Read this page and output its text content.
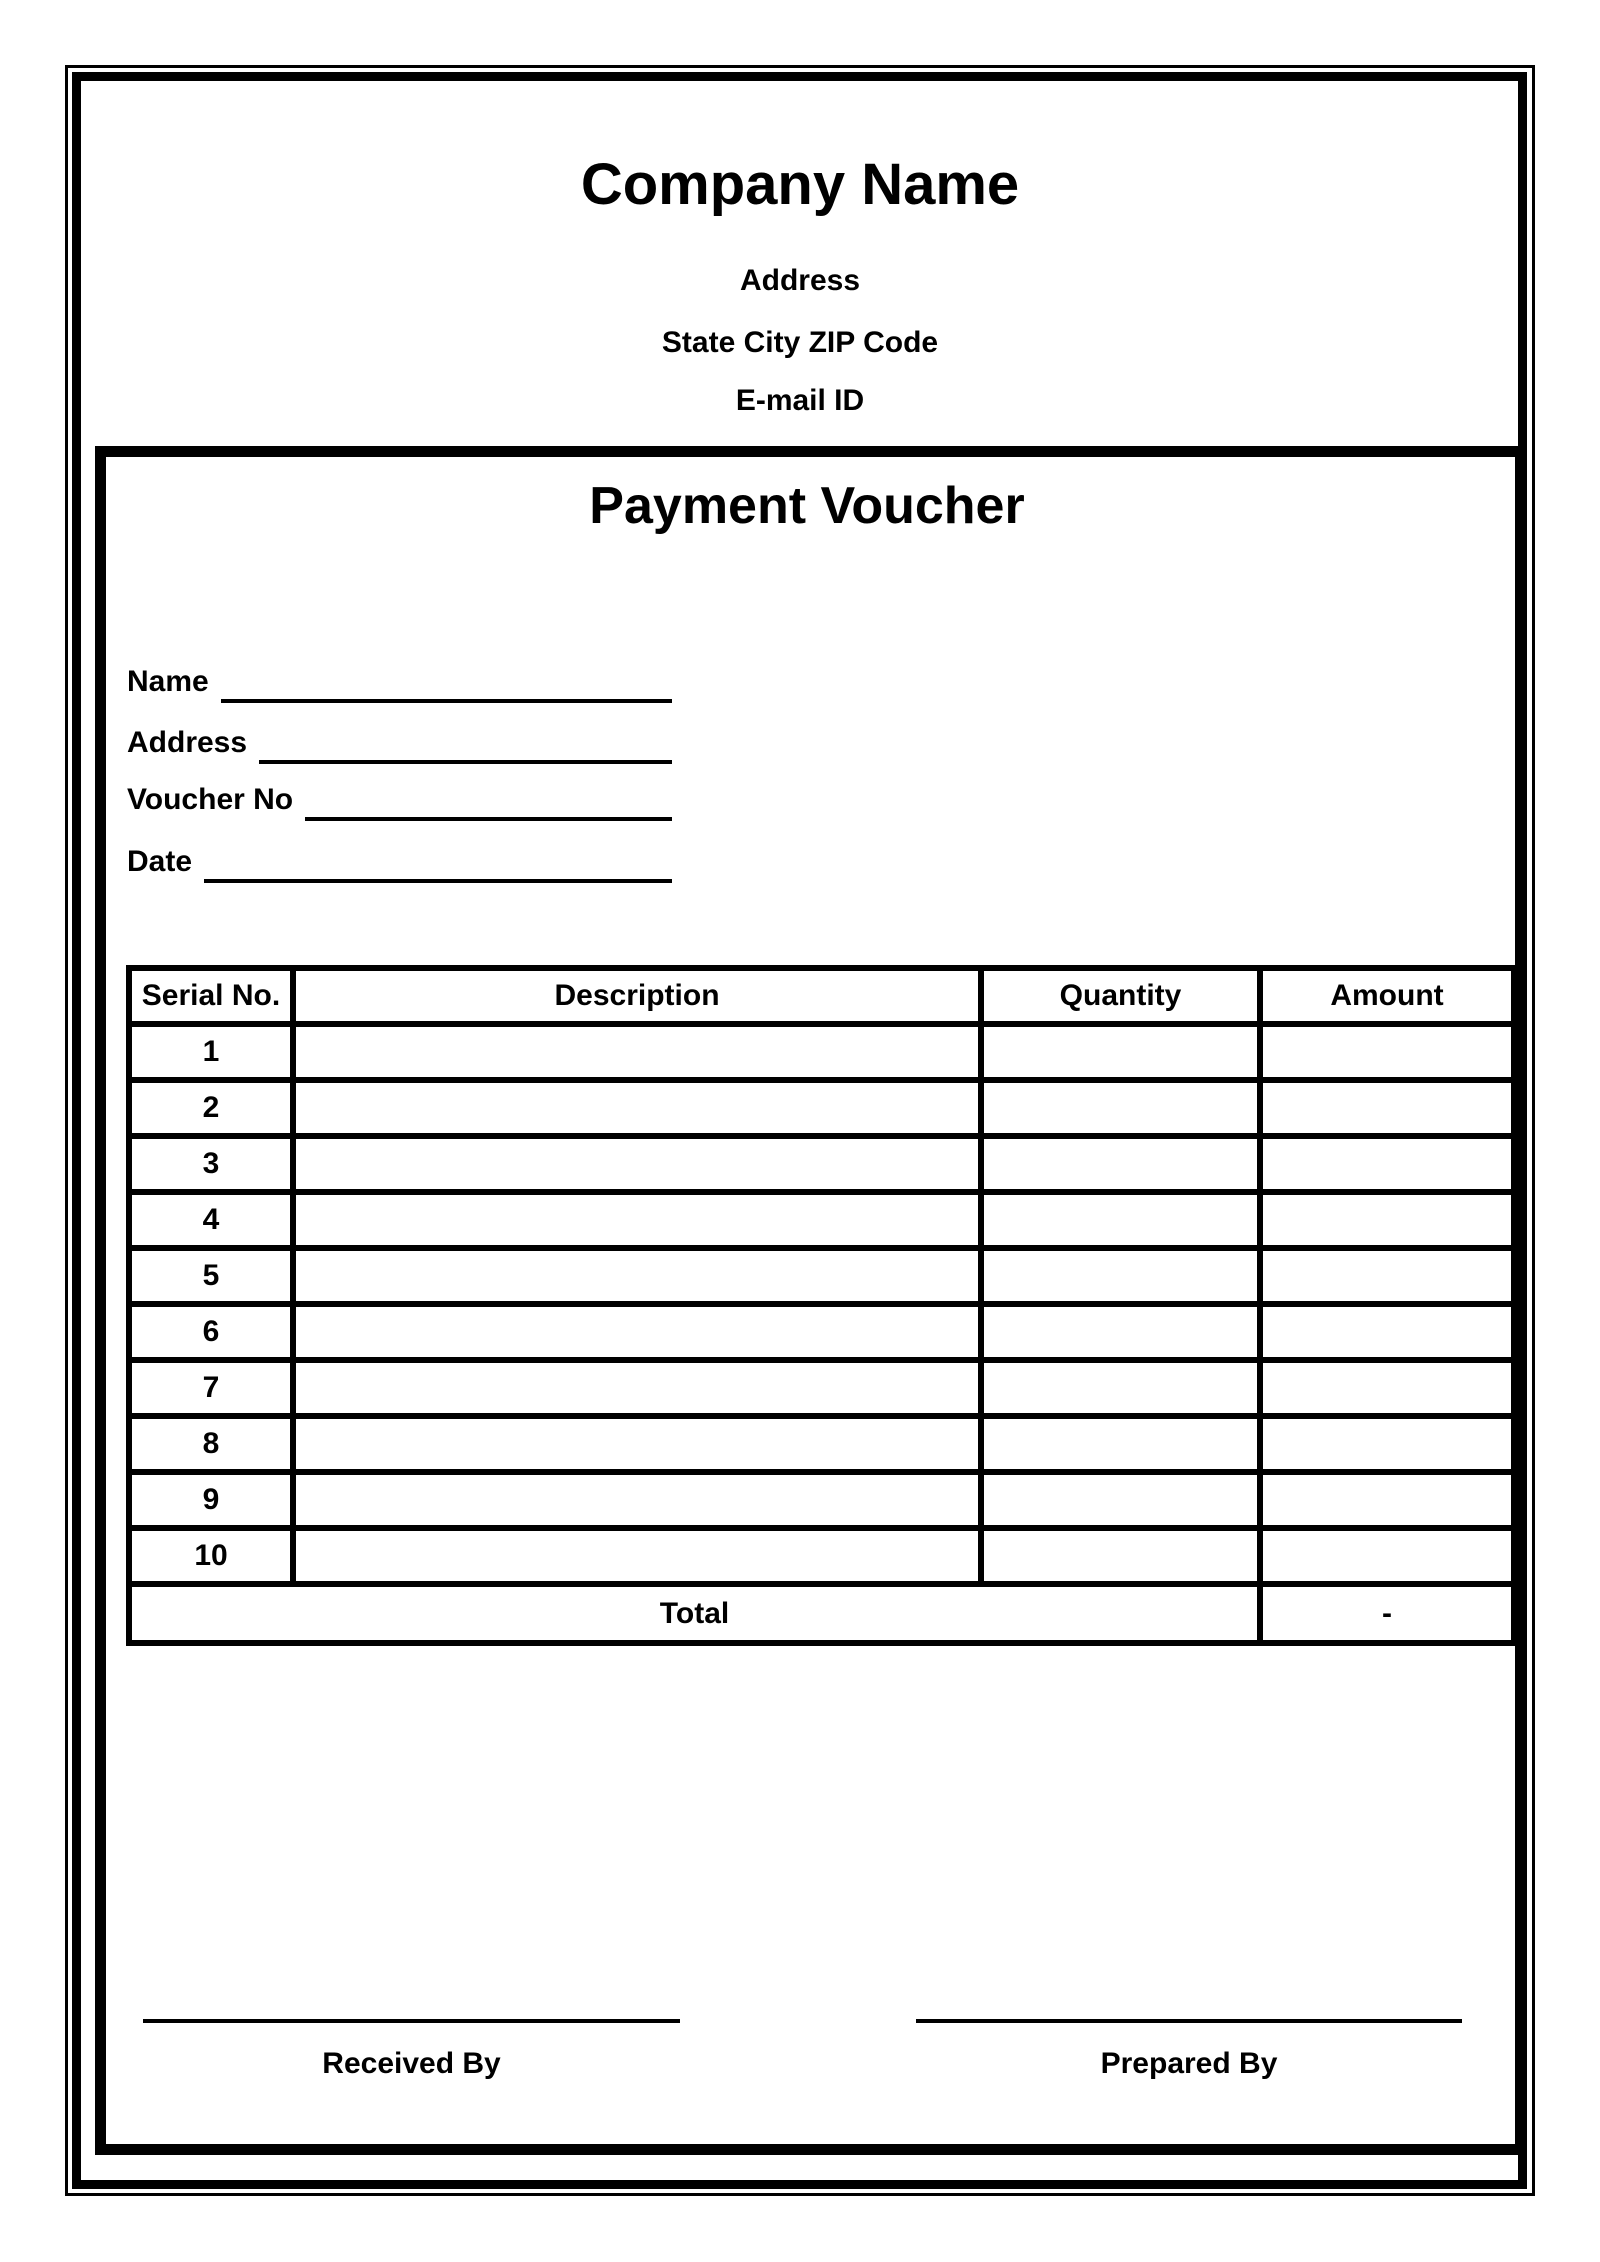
Company Name
Address
State City ZIP Code
E-mail ID
Payment Voucher
Name
Address
Voucher No
Date
Serial No.	Description	Quantity	Amount
1			
2			
3			
4			
5			
6			
7			
8			
9			
10			
Total			-
Received By	Prepared By
